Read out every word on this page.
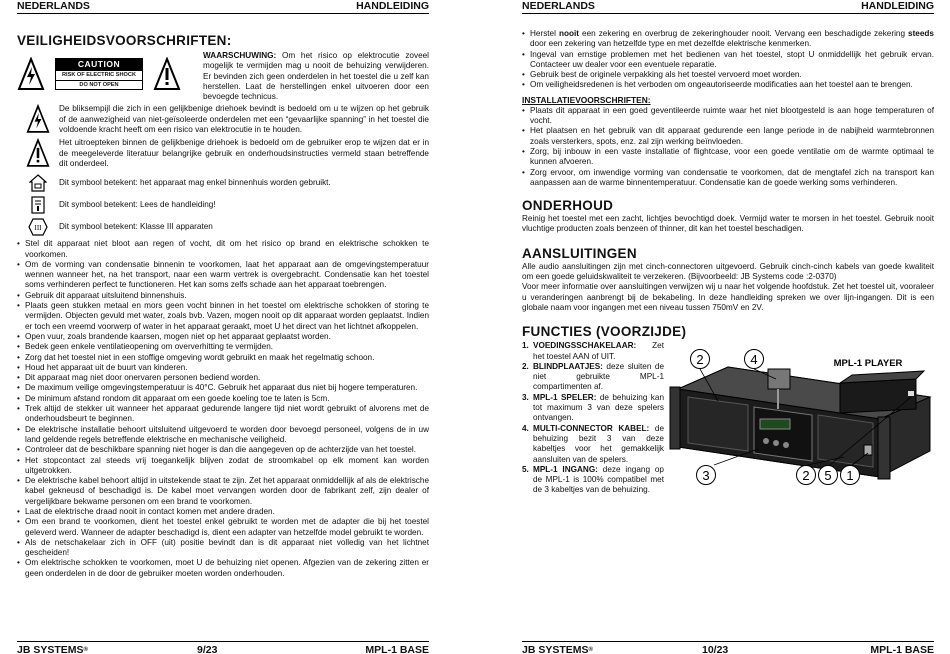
NEDERLANDS	HANDLEIDING
VEILIGHEIDSVOORSCHRIFTEN:
CAUTION
RISK OF ELECTRIC SHOCK
DO NOT OPEN

WAARSCHUWING: Om het risico op elektrocutie zoveel mogelijk te vermijden mag u nooit de behuizing verwijderen. Er bevinden zich geen onderdelen in het toestel die u zelf kan herstellen. Laat de herstellingen enkel uitvoeren door een bevoegde technicus.

De bliksempijl die zich in een gelijkbenige driehoek bevindt is bedoeld om u te wijzen op het gebruik of de aanwezigheid van niet-geïsoleerde onderdelen met een “gevaarlijke spanning” in het toestel die voldoende kracht heeft om een risico van elektrocutie in te houden.

Het uitroepteken binnen de gelijkbenige driehoek is bedoeld om de gebruiker erop te wijzen dat er in de meegeleverde literatuur belangrijke gebruik en onderhoudsinstructies vermeld staan betreffende dit onderdeel.

Dit symbool betekent: het apparaat mag enkel binnenhuis worden gebruikt.
Dit symbool betekent: Lees de handleiding!
III Dit symbool betekent: Klasse III apparaten
• Stel dit apparaat niet bloot aan regen of vocht, dit om het risico op brand en elektrische schokken te voorkomen.
• Om de vorming van condensatie binnenin te voorkomen, laat het apparaat aan de omgevingstemperatuur wennen wanneer het, na het transport, naar een warm vertrek is overgebracht. Condensatie kan het toestel soms verhinderen perfect te functioneren. Het kan soms zelfs schade aan het apparaat toebrengen.
• Gebruik dit apparaat uitsluitend binnenshuis.
• Plaats geen stukken metaal en mors geen vocht binnen in het toestel om elektrische schokken of storing te vermijden. Objecten gevuld met water, zoals bvb. Vazen, mogen nooit op dit apparaat worden geplaatst. Indien er toch een vreemd voorwerp of water in het apparaat geraakt, moet U het direct van het lichtnet afkoppelen.
• Open vuur, zoals brandende kaarsen, mogen niet op het apparaat geplaatst worden.
• Bedek geen enkele ventilatieopening om oververhitting te vermijden.
• Zorg dat het toestel niet in een stoffige omgeving wordt gebruikt en maak het regelmatig schoon.
• Houd het apparaat uit de buurt van kinderen.
• Dit apparaat mag niet door onervaren personen bediend worden.
• De maximum veilige omgevingstemperatuur is 40°C. Gebruik het apparaat dus niet bij hogere temperaturen.
• De minimum afstand rondom dit apparaat om een goede koeling toe te laten is 5cm.
• Trek altijd de stekker uit wanneer het apparaat gedurende langere tijd niet wordt gebruikt of alvorens met de onderhoudsbeurt te beginnen.
• De elektrische installatie behoort uitsluitend uitgevoerd te worden door bevoegd personeel, volgens de in uw land geldende regels betreffende elektrische en mechanische veiligheid.
• Controleer dat de beschikbare spanning niet hoger is dan die aangegeven op de achterzijde van het toestel.
• Het stopcontact zal steeds vrij toegankelijk blijven zodat de stroomkabel op elk moment kan worden uitgetrokken.
• De elektrische kabel behoort altijd in uitstekende staat te zijn. Zet het apparaat onmiddellijk af als de elektrische kabel gekneusd of beschadigd is. De kabel moet vervangen worden door de fabrikant zelf, zijn dealer of vergelijkbare bekwame personen om een brand te voorkomen.
• Laat de elektrische draad nooit in contact komen met andere draden.
• Om een brand te voorkomen, dient het toestel enkel gebruikt te worden met de adapter die bij het toestel geleverd werd. Wanneer de adapter beschadigd is, dient een adapter van hetzelfde model gebruikt te worden.
• Als de netschakelaar zich in OFF (uit) positie bevindt dan is dit apparaat niet volledig van het lichtnet gescheiden!
• Om elektrische schokken te voorkomen, moet U de behuizing niet openen. Afgezien van de zekering zitten er geen onderdelen in de door de gebruiker moeten worden onderhouden.
JB SYSTEMS®	9/23	MPL-1 BASE
NEDERLANDS	HANDLEIDING
• Herstel nooit een zekering en overbrug de zekeringhouder nooit. Vervang een beschadigde zekering steeds door een zekering van hetzelfde type en met dezelfde elektrische kenmerken.
• Ingeval van ernstige problemen met het bedienen van het toestel, stopt U onmiddellijk het gebruik ervan. Contacteer uw dealer voor een eventuele reparatie.
• Gebruik best de originele verpakking als het toestel vervoerd moet worden.
• Om veiligheidsredenen is het verboden om ongeautoriseerde modificaties aan het toestel aan te brengen.
INSTALLATIEVOORSCHRIFTEN:
• Plaats dit apparaat in een goed geventileerde ruimte waar het niet blootgesteld is aan hoge temperaturen of vocht.
• Het plaatsen en het gebruik van dit apparaat gedurende een lange periode in de nabijheid warmtebronnen zoals versterkers, spots, enz. zal zijn werking beïnvloeden.
• Zorg, bij inbouw in een vaste installatie of flightcase, voor een goede ventilatie om de warmte optimaal te kunnen afvoeren.
• Zorg ervoor, om inwendige vorming van condensatie te voorkomen, dat de mengtafel zich na transport kan aanpassen aan de warme binnentemperatuur. Condensatie kan de goede werking soms verhinderen.
ONDERHOUD

Reinig het toestel met een zacht, lichtjes bevochtigd doek. Vermijd water te morsen in het toestel. Gebruik nooit vluchtige producten zoals benzeen of thinner, dit kan het toestel beschadigen.

AANSLUITINGEN

Alle audio aansluitingen zijn met cinch-connectoren uitgevoerd. Gebruik cinch-cinch kabels van goede kwaliteit om een goede geluidskwaliteit te verzekeren. (Bijvoorbeeld: JB Systems code :2-0370)

Voor meer informatie over aansluitingen verwijzen wij u naar het volgende hoofdstuk. Zet het toestel uit, vooraleer u veranderingen aanbrengt bij de bekabeling. In deze handleiding spreken we over lijn-ingangen. Dit is een globale naam voor ingangen met een niveau tussen 750mV en 2V.

FUNCTIES (VOORZIJDE)
1. VOEDINGSSCHAKELAAR: Zet het toestel AAN of UIT.
2. BLINDPLAATJES: deze sluiten de niet gebruikte MPL-1 compartimenten af.
3. MPL-1 SPELER: de behuizing kan tot maximum 3 van deze spelers ontvangen.
4. MULTI-CONNECTOR KABEL: de behuizing bezit 3 van deze kabeltjes voor het gemakkelijk aansluiten van de spelers.
5. MPL-1 INGANG: deze ingang op de MPL-1 is 100% compatibel met de 3 kabeltjes van de behuizing.
MPL-1 PLAYER
2	4
3	2 5 1
JB SYSTEMS®	10/23	MPL-1 BASE
